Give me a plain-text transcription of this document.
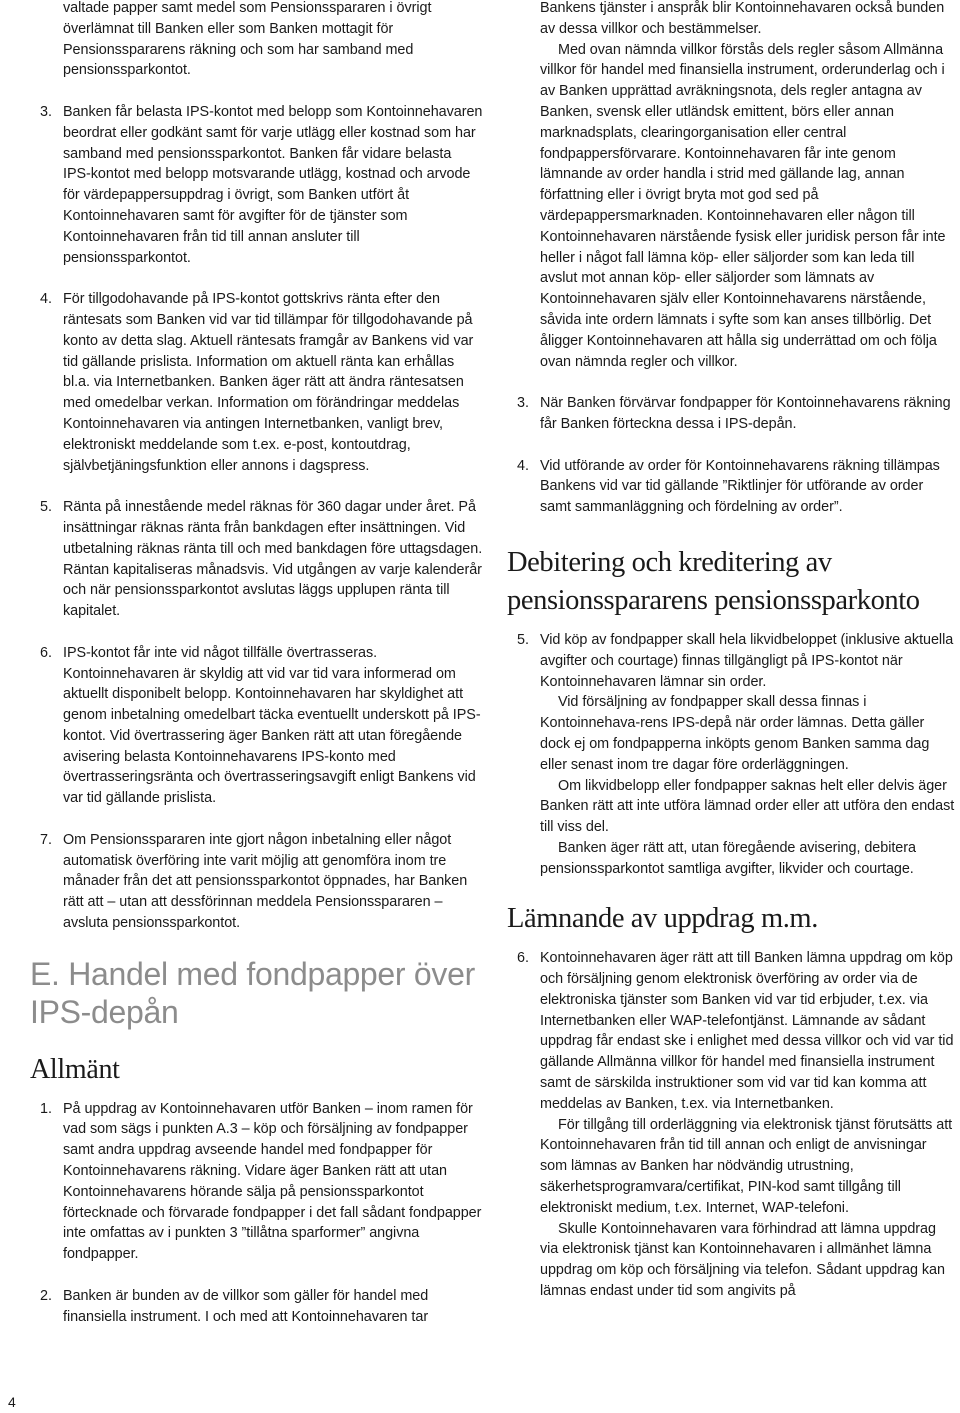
valtade papper samt medel som Pensionsspararen i övrigt överlämnat till Banken eller som Banken mottagit för Pensionsspararens räkning och som har samband med pensionssparkontot.

3. Banken får belasta IPS-kontot med belopp som Kontoinnehavaren beordrat eller godkänt samt för varje utlägg eller kostnad som har samband med pensionssparkontot. Banken får vidare belasta IPS-kontot med belopp motsvarande utlägg, kostnad och arvode för värdepappersuppdrag i övrigt, som Banken utfört åt Kontoinnehavaren samt för avgifter för de tjänster som Kontoinnehavaren från tid till annan ansluter till pensionssparkontot.

4. För tillgodohavande på IPS-kontot gottskrivs ränta efter den räntesats som Banken vid var tid tillämpar för tillgodohavande på konto av detta slag. Aktuell räntesats framgår av Bankens vid var tid gällande prislista. Information om aktuell ränta kan erhållas bl.a. via Internetbanken. Banken äger rätt att ändra räntesatsen med omedelbar verkan. Information om förändringar meddelas Kontoinnehavaren via antingen Internetbanken, vanligt brev, elektroniskt meddelande som t.ex. e-post, kontoutdrag, självbetjäningsfunktion eller annons i dagspress.

5. Ränta på innestående medel räknas för 360 dagar under året. På insättningar räknas ränta från bankdagen efter insättningen. Vid utbetalning räknas ränta till och med bankdagen före uttagsdagen. Räntan kapitaliseras månadsvis. Vid utgången av varje kalenderår och när pensionssparkontot avslutas läggs upplupen ränta till kapitalet.

6. IPS-kontot får inte vid något tillfälle övertrasseras. Kontoinnehavaren är skyldig att vid var tid vara informerad om aktuellt disponibelt belopp. Kontoinnehavaren har skyldighet att genom inbetalning omedelbart täcka eventuellt underskott på IPS-kontot. Vid övertrassering äger Banken rätt att utan föregående avisering belasta Kontoinnehavarens IPS-konto med övertrasseringsränta och övertrasseringsavgift enligt Bankens vid var tid gällande prislista.

7. Om Pensionsspararen inte gjort någon inbetalning eller något automatisk överföring inte varit möjlig att genomföra inom tre månader från det att pensionssparkontot öppnades, har Banken rätt att – utan att dessförinnan meddela Pensionsspararen – avsluta pensionssparkontot.

E. Handel med fondpapper över IPS-depån
Allmänt
1. På uppdrag av Kontoinnehavaren utför Banken – inom ramen för vad som sägs i punkten A.3 – köp och försäljning av fondpapper samt andra uppdrag avseende handel med fondpapper för Kontoinnehavarens räkning. Vidare äger Banken rätt att utan Kontoinnehavarens hörande sälja på pensionssparkontot förtecknade och förvarade fondpapper i det fall sådant fondpapper inte omfattas av i punkten 3 ”tillåtna sparformer” angivna fondpapper.

2. Banken är bunden av de villkor som gäller för handel med finansiella instrument. I och med att Kontoinnehavaren tar

Bankens tjänster i anspråk blir Kontoinnehavaren också bunden av dessa villkor och bestämmelser.

Med ovan nämnda villkor förstås dels regler såsom Allmänna villkor för handel med finansiella instrument, orderunderlag och i av Banken upprättad avräkningsnota, dels regler antagna av Banken, svensk eller utländsk emittent, börs eller annan marknadsplats, clearingorganisation eller central fondpappersförvarare. Kontoinnehavaren får inte genom lämnande av order handla i strid med gällande lag, annan författning eller i övrigt bryta mot god sed på värdepappersmarknaden. Kontoinnehavaren eller någon till Kontoinnehavaren närstående fysisk eller juridisk person får inte heller i något fall lämna köp- eller säljorder som kan leda till avslut mot annan köp- eller säljorder som lämnats av Kontoinnehavaren själv eller Kontoinnehavarens närstående, såvida inte ordern lämnats i syfte som kan anses tillbörlig. Det åligger Kontoinnehavaren att hålla sig underrättad om och följa ovan nämnda regler och villkor.

3. När Banken förvärvar fondpapper för Kontoinnehavarens räkning får Banken förteckna dessa i IPS-depån.

4. Vid utförande av order för Kontoinnehavarens räkning tillämpas Bankens vid var tid gällande ”Riktlinjer för utförande av order samt sammanläggning och fördelning av order”.

Debitering och kreditering av pensionsspararens pensionssparkonto
5. Vid köp av fondpapper skall hela likvidbeloppet (inklusive aktuella avgifter och courtage) finnas tillgängligt på IPS-kontot när Kontoinnehavaren lämnar sin order.

Vid försäljning av fondpapper skall dessa finnas i Kontoinnehava-rens IPS-depå när order lämnas. Detta gäller dock ej om fondpapperna inköpts genom Banken samma dag eller senast inom tre dagar före orderläggningen.

Om likvidbelopp eller fondpapper saknas helt eller delvis äger Banken rätt att inte utföra lämnad order eller att utföra den endast till viss del.

Banken äger rätt att, utan föregående avisering, debitera pensionssparkontot samtliga avgifter, likvider och courtage.

Lämnande av uppdrag m.m.
6. Kontoinnehavaren äger rätt att till Banken lämna uppdrag om köp och försäljning genom elektronisk överföring av order via de elektroniska tjänster som Banken vid var tid erbjuder, t.ex. via Internetbanken eller WAP-telefontjänst. Lämnande av sådant uppdrag får endast ske i enlighet med dessa villkor och vid var tid gällande Allmänna villkor för handel med finansiella instrument samt de särskilda instruktioner som vid var tid kan komma att meddelas av Banken, t.ex. via Internetbanken.

För tillgång till orderläggning via elektronisk tjänst förutsätts att Kontoinnehavaren från tid till annan och enligt de anvisningar som lämnas av Banken har nödvändig utrustning, säkerhetsprogramvara/certifikat, PIN-kod samt tillgång till elektroniskt medium, t.ex. Internet, WAP-telefoni.

Skulle Kontoinnehavaren vara förhindrad att lämna uppdrag via elektronisk tjänst kan Kontoinnehavaren i allmänhet lämna uppdrag om köp och försäljning via telefon. Sådant uppdrag kan lämnas endast under tid som angivits på

4
